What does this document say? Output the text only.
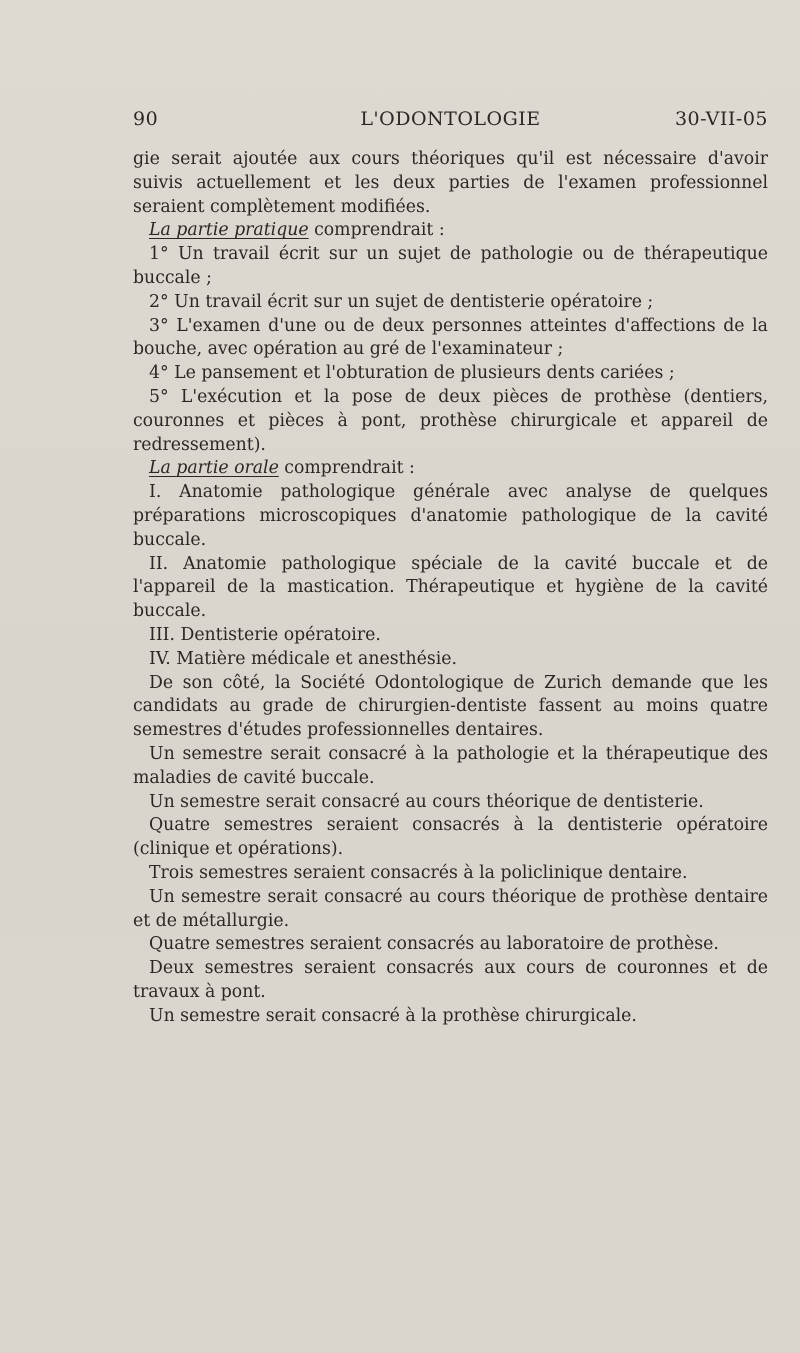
90	L'ODONTOLOGIE	30-VII-05

gie serait ajoutée aux cours théoriques qu'il est nécessaire d'avoir suivis actuellement et les deux parties de l'examen professionnel seraient complètement modifiées.

La partie pratique comprendrait :

1° Un travail écrit sur un sujet de pathologie ou de thérapeutique buccale ;

2° Un travail écrit sur un sujet de dentisterie opératoire ;

3° L'examen d'une ou de deux personnes atteintes d'affections de la bouche, avec opération au gré de l'examinateur ;

4° Le pansement et l'obturation de plusieurs dents cariées ;

5° L'exécution et la pose de deux pièces de prothèse (dentiers, couronnes et pièces à pont, prothèse chirurgicale et appareil de redressement).

La partie orale comprendrait :

I. Anatomie pathologique générale avec analyse de quelques préparations microscopiques d'anatomie pathologique de la cavité buccale.

II. Anatomie pathologique spéciale de la cavité buccale et de l'appareil de la mastication. Thérapeutique et hygiène de la cavité buccale.

III. Dentisterie opératoire.

IV. Matière médicale et anesthésie.

De son côté, la Société Odontologique de Zurich demande que les candidats au grade de chirurgien-dentiste fassent au moins quatre semestres d'études professionnelles dentaires.

Un semestre serait consacré à la pathologie et la thérapeutique des maladies de cavité buccale.

Un semestre serait consacré au cours théorique de dentisterie.

Quatre semestres seraient consacrés à la dentisterie opératoire (clinique et opérations).

Trois semestres seraient consacrés à la policlinique dentaire.

Un semestre serait consacré au cours théorique de prothèse dentaire et de métallurgie.

Quatre semestres seraient consacrés au laboratoire de prothèse.

Deux semestres seraient consacrés aux cours de couronnes et de travaux à pont.

Un semestre serait consacré à la prothèse chirurgicale.
